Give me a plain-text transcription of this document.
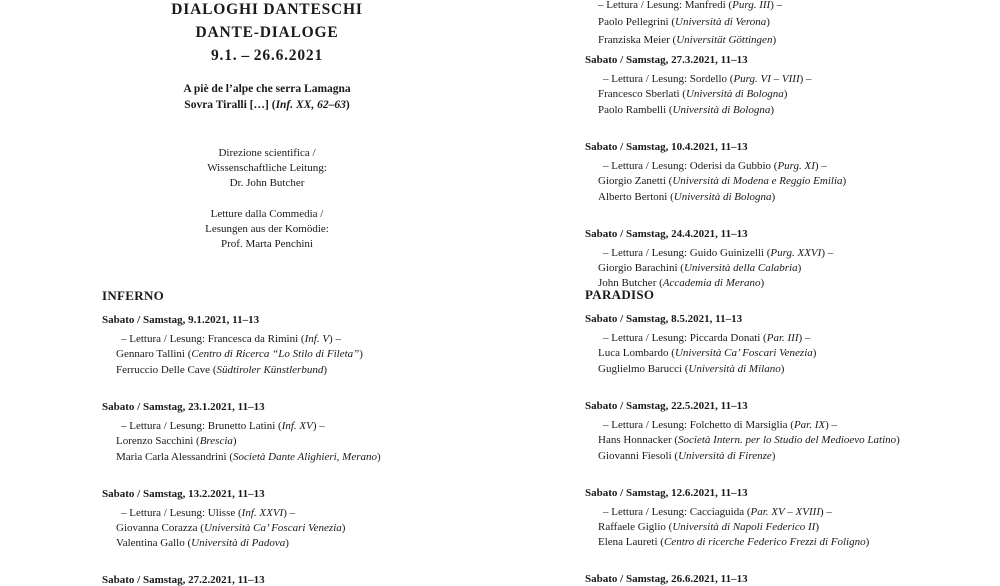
DIALOGHI DANTESCHI
DANTE-DIALOGE
9.1. – 26.6.2021
A piè de l’alpe che serra Lamagna
Sovra Tiralli […] (Inf. XX, 62–63)
Direzione scientifica /
Wissenschaftliche Leitung:
Dr. John Butcher
Letture dalla Commedia /
Lesungen aus der Komödie:
Prof. Marta Penchini
INFERNO
Sabato / Samstag, 9.1.2021, 11–13
– Lettura / Lesung: Francesca da Rimini (Inf. V) –
Gennaro Tallini (Centro di Ricerca “Lo Stilo di Fileta”)
Ferruccio Delle Cave (Südtiroler Künstlerbund)
Sabato / Samstag, 23.1.2021, 11–13
– Lettura / Lesung: Brunetto Latini (Inf. XV) –
Lorenzo Sacchini (Brescia)
Maria Carla Alessandrini (Società Dante Alighieri, Merano)
Sabato / Samstag, 13.2.2021, 11–13
– Lettura / Lesung: Ulisse (Inf. XXVI) –
Giovanna Corazza (Università Ca’ Foscari Venezia)
Valentina Gallo (Università di Padova)
Sabato / Samstag, 27.2.2021, 11–13
– Lettura / Lesung: Manfredi (Purg. III) –
Paolo Pellegrini (Università di Verona)
Franziska Meier (Universität Göttingen)
Sabato / Samstag, 27.3.2021, 11–13
– Lettura / Lesung: Sordello (Purg. VI – VIII) –
Francesco Sberlati (Università di Bologna)
Paolo Rambelli (Università di Bologna)
Sabato / Samstag, 10.4.2021, 11–13
– Lettura / Lesung: Oderisi da Gubbio (Purg. XI) –
Giorgio Zanetti (Università di Modena e Reggio Emilia)
Alberto Bertoni (Università di Bologna)
Sabato / Samstag, 24.4.2021, 11–13
– Lettura / Lesung: Guido Guinizelli (Purg. XXVI) –
Giorgio Barachini (Università della Calabria)
John Butcher (Accademia di Merano)
PARADISO
Sabato / Samstag, 8.5.2021, 11–13
– Lettura / Lesung: Piccarda Donati (Par. III) –
Luca Lombardo (Università Ca’ Foscari Venezia)
Guglielmo Barucci (Università di Milano)
Sabato / Samstag, 22.5.2021, 11–13
– Lettura / Lesung: Folchetto di Marsiglia (Par. IX) –
Hans Honnacker (Società Intern. per lo Studio del Medioevo Latino)
Giovanni Fiesoli (Università di Firenze)
Sabato / Samstag, 12.6.2021, 11–13
– Lettura / Lesung: Cacciaguida (Par. XV – XVIII) –
Raffaele Giglio (Università di Napoli Federico II)
Elena Laureti (Centro di ricerche Federico Frezzi di Foligno)
Sabato / Samstag, 26.6.2021, 11–13
